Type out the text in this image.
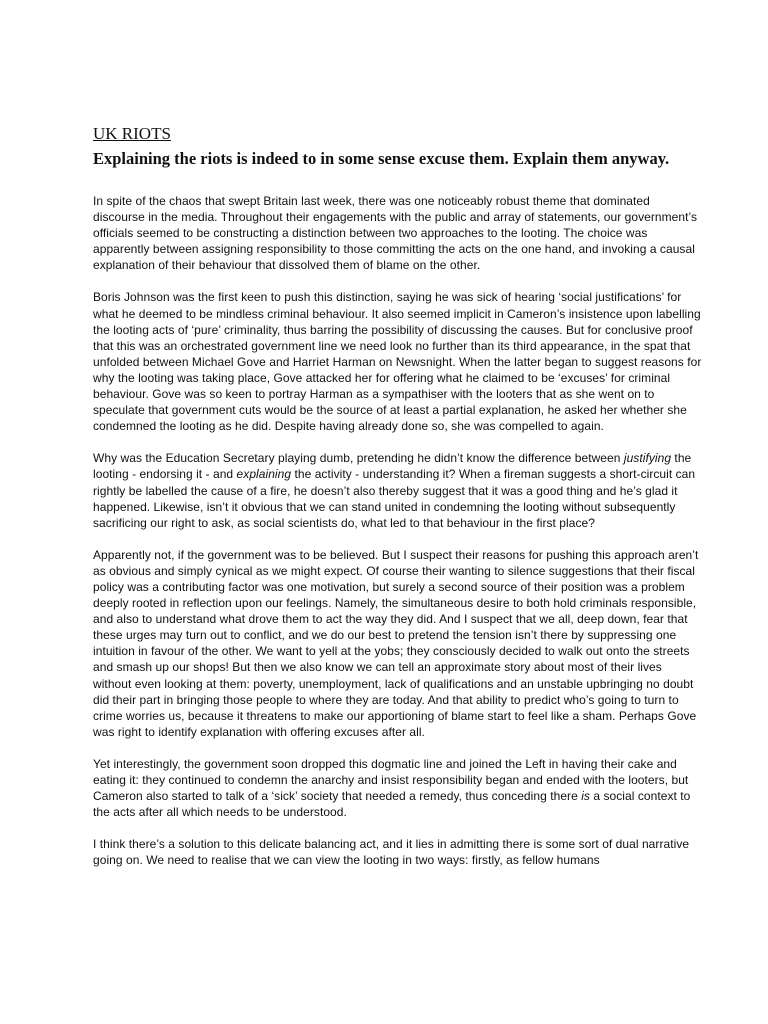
UK RIOTS
Explaining the riots is indeed to in some sense excuse them. Explain them anyway.

In spite of the chaos that swept Britain last week, there was one noticeably robust theme that dominated discourse in the media. Throughout their engagements with the public and array of statements, our government’s officials seemed to be constructing a distinction between two approaches to the looting. The choice was apparently between assigning responsibility to those committing the acts on the one hand, and invoking a causal explanation of their behaviour that dissolved them of blame on the other.

Boris Johnson was the first keen to push this distinction, saying he was sick of hearing ‘social justifications’ for what he deemed to be mindless criminal behaviour. It also seemed implicit in Cameron’s insistence upon labelling the looting acts of ‘pure’ criminality, thus barring the possibility of discussing the causes. But for conclusive proof that this was an orchestrated government line we need look no further than its third appearance, in the spat that unfolded between Michael Gove and Harriet Harman on Newsnight. When the latter began to suggest reasons for why the looting was taking place, Gove attacked her for offering what he claimed to be ‘excuses’ for criminal behaviour. Gove was so keen to portray Harman as a sympathiser with the looters that as she went on to speculate that government cuts would be the source of at least a partial explanation, he asked her whether she condemned the looting as he did. Despite having already done so, she was compelled to again.

Why was the Education Secretary playing dumb, pretending he didn’t know the difference between justifying the looting - endorsing it - and explaining the activity - understanding it? When a fireman suggests a short-circuit can rightly be labelled the cause of a fire, he doesn’t also thereby suggest that it was a good thing and he’s glad it happened. Likewise, isn’t it obvious that we can stand united in condemning the looting without subsequently sacrificing our right to ask, as social scientists do, what led to that behaviour in the first place?

Apparently not, if the government was to be believed. But I suspect their reasons for pushing this approach aren’t as obvious and simply cynical as we might expect. Of course their wanting to silence suggestions that their fiscal policy was a contributing factor was one motivation, but surely a second source of their position was a problem deeply rooted in reflection upon our feelings. Namely, the simultaneous desire to both hold criminals responsible, and also to understand what drove them to act the way they did. And I suspect that we all, deep down, fear that these urges may turn out to conflict, and we do our best to pretend the tension isn’t there by suppressing one intuition in favour of the other. We want to yell at the yobs; they consciously decided to walk out onto the streets and smash up our shops! But then we also know we can tell an approximate story about most of their lives without even looking at them: poverty, unemployment, lack of qualifications and an unstable upbringing no doubt did their part in bringing those people to where they are today. And that ability to predict who’s going to turn to crime worries us, because it threatens to make our apportioning of blame start to feel like a sham. Perhaps Gove was right to identify explanation with offering excuses after all.

Yet interestingly, the government soon dropped this dogmatic line and joined the Left in having their cake and eating it: they continued to condemn the anarchy and insist responsibility began and ended with the looters, but Cameron also started to talk of a ‘sick’ society that needed a remedy, thus conceding there is a social context to the acts after all which needs to be understood.

I think there’s a solution to this delicate balancing act, and it lies in admitting there is some sort of dual narrative going on. We need to realise that we can view the looting in two ways: firstly, as fellow humans
